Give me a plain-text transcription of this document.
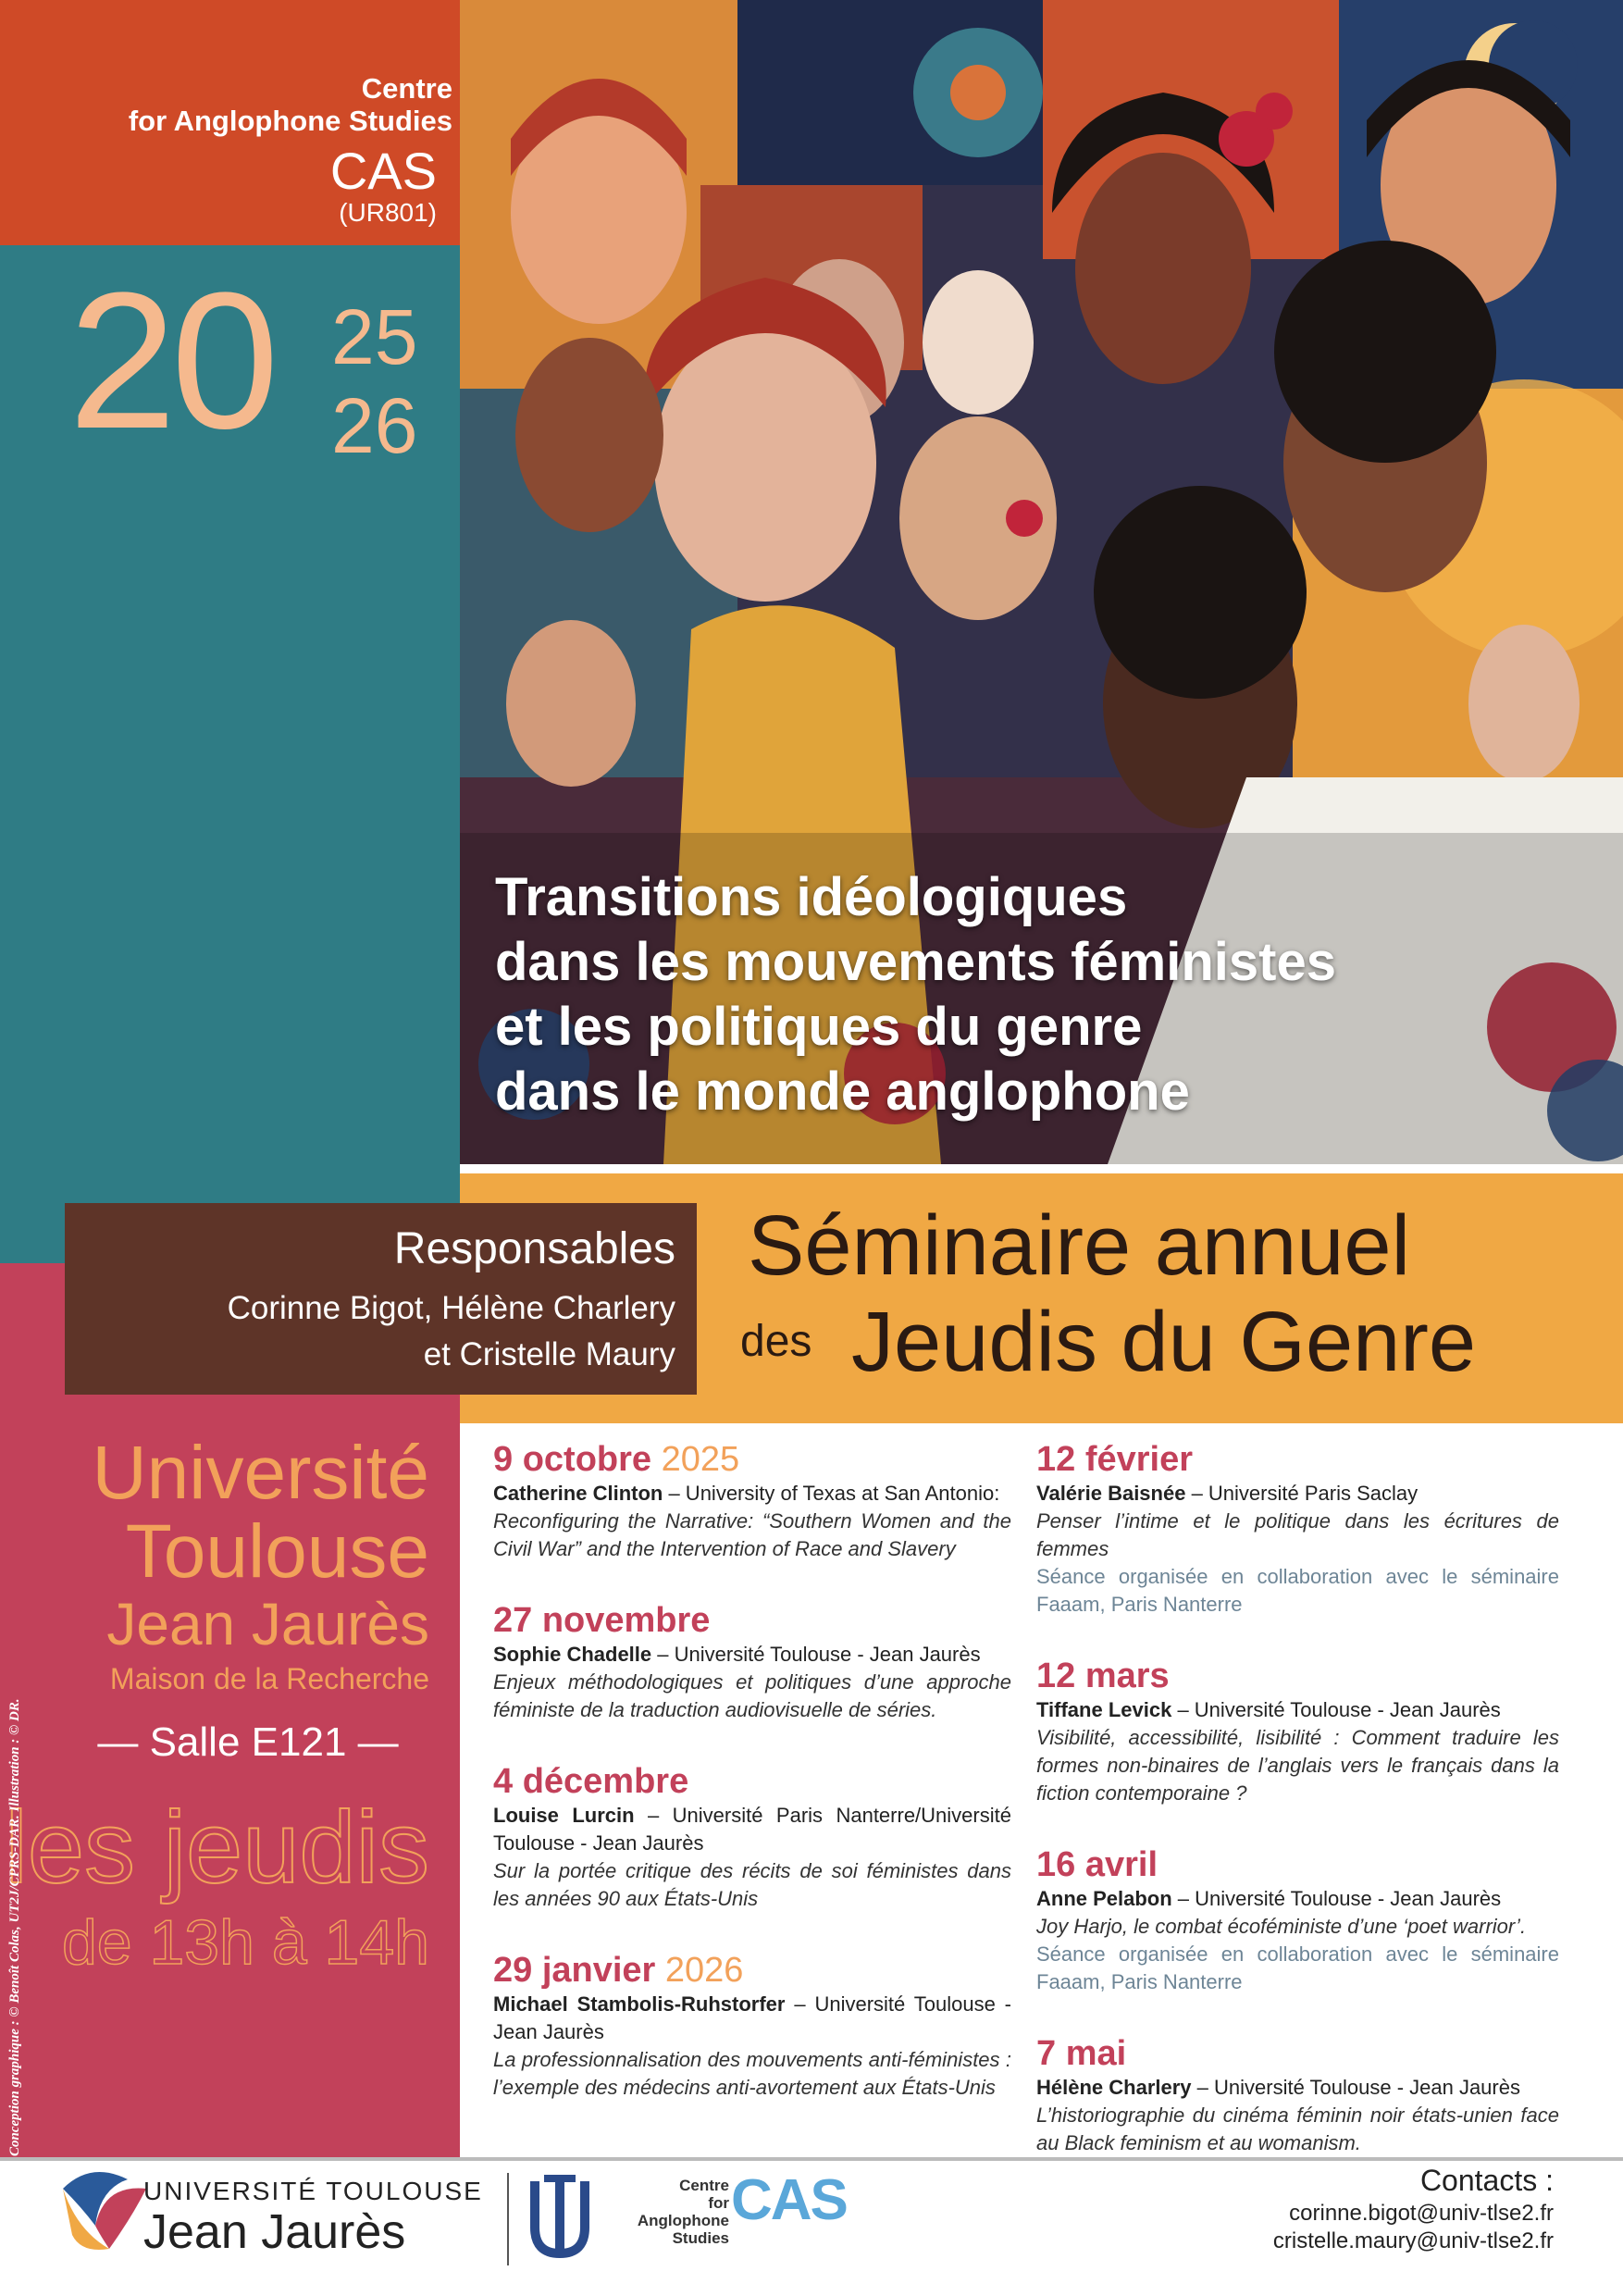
Centre
for Anglophone Studies
CAS
(UR801)
20 25
26
Transitions idéologiques
dans les mouvements féministes
et les politiques du genre
dans le monde anglophone
Responsables
Corinne Bigot, Hélène Charlery
et Cristelle Maury
Séminaire annuel
des Jeudis du Genre
Université
Toulouse
Jean Jaurès
Maison de la Recherche
— Salle E121 —
les jeudis
de 13h à 14h
Conception graphique : © Benoît Colas, UT2J/CPRS-DAR. Illustration : © DR.
9 octobre 2025
Catherine Clinton – University of Texas at San Antonio:
Reconfiguring the Narrative: “Southern Women and the Civil War” and the Intervention of Race and Slavery
27 novembre
Sophie Chadelle – Université Toulouse - Jean Jaurès
Enjeux méthodologiques et politiques d’une approche féministe de la traduction audiovisuelle de séries.
4 décembre
Louise Lurcin – Université Paris Nanterre/Université Toulouse - Jean Jaurès
Sur la portée critique des récits de soi féministes dans les années 90 aux États-Unis
29 janvier 2026
Michael Stambolis-Ruhstorfer – Université Toulouse - Jean Jaurès
La professionnalisation des mouvements anti-féministes : l’exemple des médecins anti-avortement aux États-Unis
12 février
Valérie Baisnée – Université Paris Saclay
Penser l’intime et le politique dans les écritures de femmes
Séance organisée en collaboration avec le séminaire Faaam, Paris Nanterre
12 mars
Tiffane Levick – Université Toulouse - Jean Jaurès
Visibilité, accessibilité, lisibilité : Comment traduire les formes non-binaires de l’anglais vers le français dans la fiction contemporaine ?
16 avril
Anne Pelabon – Université Toulouse - Jean Jaurès
Joy Harjo, le combat écoféministe d’une ‘poet warrior’.
Séance organisée en collaboration avec le séminaire Faaam, Paris Nanterre
7 mai
Hélène Charlery – Université Toulouse - Jean Jaurès
L’historiographie du cinéma féminin noir états-unien face au Black feminism et au womanism.
UNIVERSITÉ TOULOUSE
Jean Jaurès
Centre
for Anglophone
Studies
CAS	Contacts :
corinne.bigot@univ-tlse2.fr
cristelle.maury@univ-tlse2.fr
